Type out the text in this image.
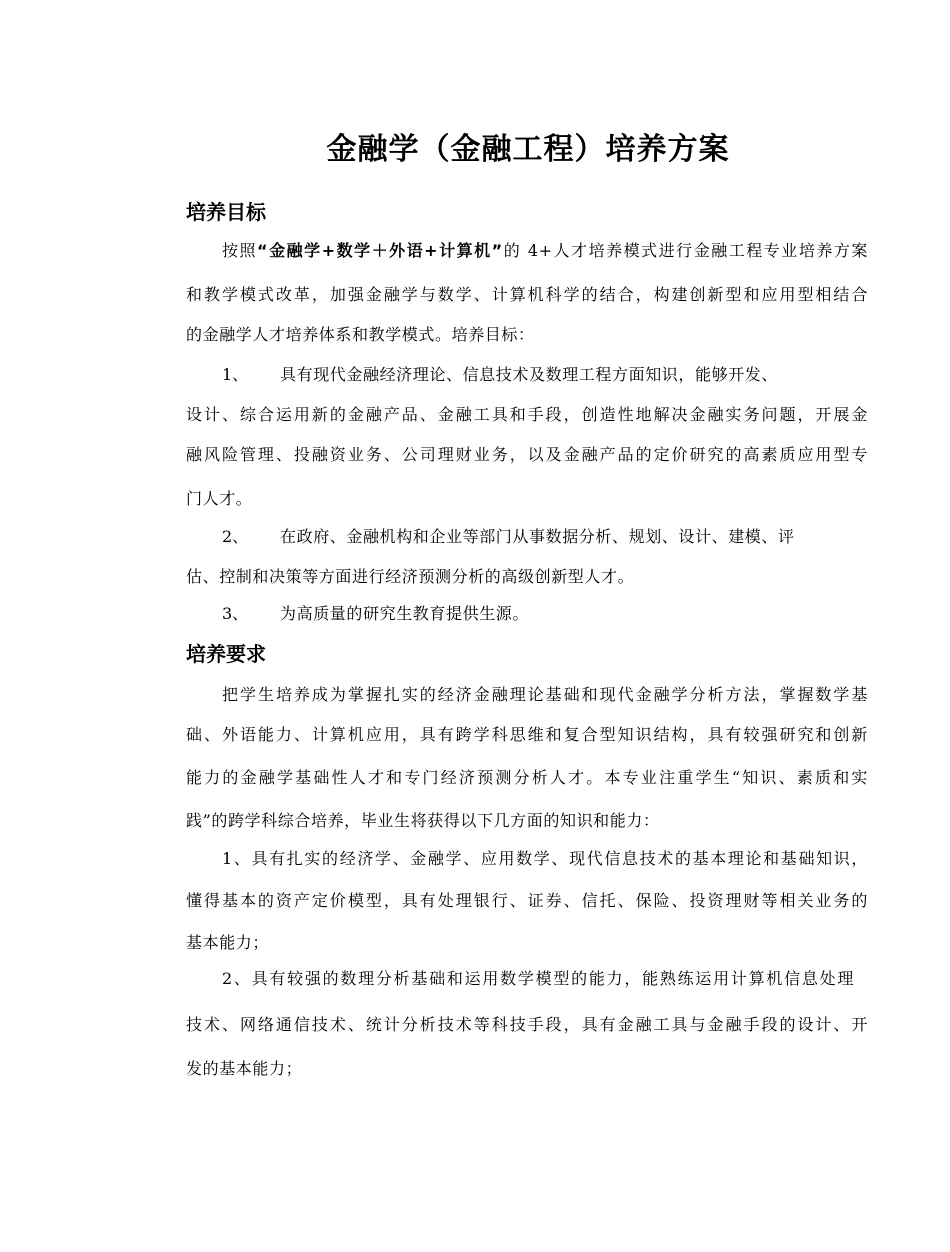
金融学（金融工程）培养方案
培养目标
按照“金融学+数学＋外语+计算机”的 4+人才培养模式进行金融工程专业培养方案
和教学模式改革，加强金融学与数学、计算机科学的结合，构建创新型和应用型相结合
的金融学人才培养体系和教学模式。培养目标：
1、 具有现代金融经济理论、信息技术及数理工程方面知识，能够开发、
设计、综合运用新的金融产品、金融工具和手段，创造性地解决金融实务问题，开展金
融风险管理、投融资业务、公司理财业务，以及金融产品的定价研究的高素质应用型专
门人才。
2、 在政府、金融机构和企业等部门从事数据分析、规划、设计、建模、评
估、控制和决策等方面进行经济预测分析的高级创新型人才。
3、 为高质量的研究生教育提供生源。
培养要求
把学生培养成为掌握扎实的经济金融理论基础和现代金融学分析方法，掌握数学基
础、外语能力、计算机应用，具有跨学科思维和复合型知识结构，具有较强研究和创新
能力的金融学基础性人才和专门经济预测分析人才。本专业注重学生“知识、素质和实
践”的跨学科综合培养，毕业生将获得以下几方面的知识和能力：
1、具有扎实的经济学、金融学、应用数学、现代信息技术的基本理论和基础知识，
懂得基本的资产定价模型，具有处理银行、证券、信托、保险、投资理财等相关业务的
基本能力；
2、具有较强的数理分析基础和运用数学模型的能力，能熟练运用计算机信息处理
技术、网络通信技术、统计分析技术等科技手段，具有金融工具与金融手段的设计、开
发的基本能力；
